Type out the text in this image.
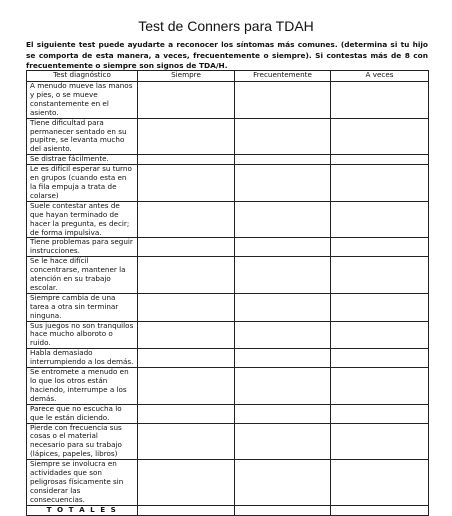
Test de Conners para TDAH
El siguiente test puede ayudarte a reconocer los síntomas más comunes. (determina si tu hijo se comporta de esta manera, a veces, frecuentemente o siempre). Si contestas más de 8 con frecuentemente o siempre son signos de TDA/H.
Test diagnóstico	Siempre	Frecuentemente	A veces
A menudo mueve las manos y pies, o se mueve constantemente en el asiento.			
Tiene dificultad para permanecer sentado en su pupitre, se levanta mucho del asiento.			
Se distrae fácilmente.			
Le es difícil esperar su turno en grupos (cuando esta en la fila empuja a trata de colarse)			
Suele contestar antes de que hayan terminado de hacer la pregunta, es decir; de forma impulsiva.			
Tiene problemas para seguir instrucciones.			
Se le hace difícil concentrarse, mantener la atención en su trabajo escolar.			
Siempre cambia de una tarea a otra sin terminar ninguna.			
Sus juegos no son tranquilos hace mucho alboroto o ruido.			
Habla demasiado interrumpiendo a los demás.			
Se entromete a menudo en lo que los otros están haciendo, interrumpe a los demás.			
Parece que no escucha lo que le están diciendo.			
Pierde con frecuencia sus cosas o el material necesario para su trabajo (lápices, papeles, libros)			
Siempre se involucra en actividades que son peligrosas físicamente sin considerar las consecuencias.			
T O T A L E S			
